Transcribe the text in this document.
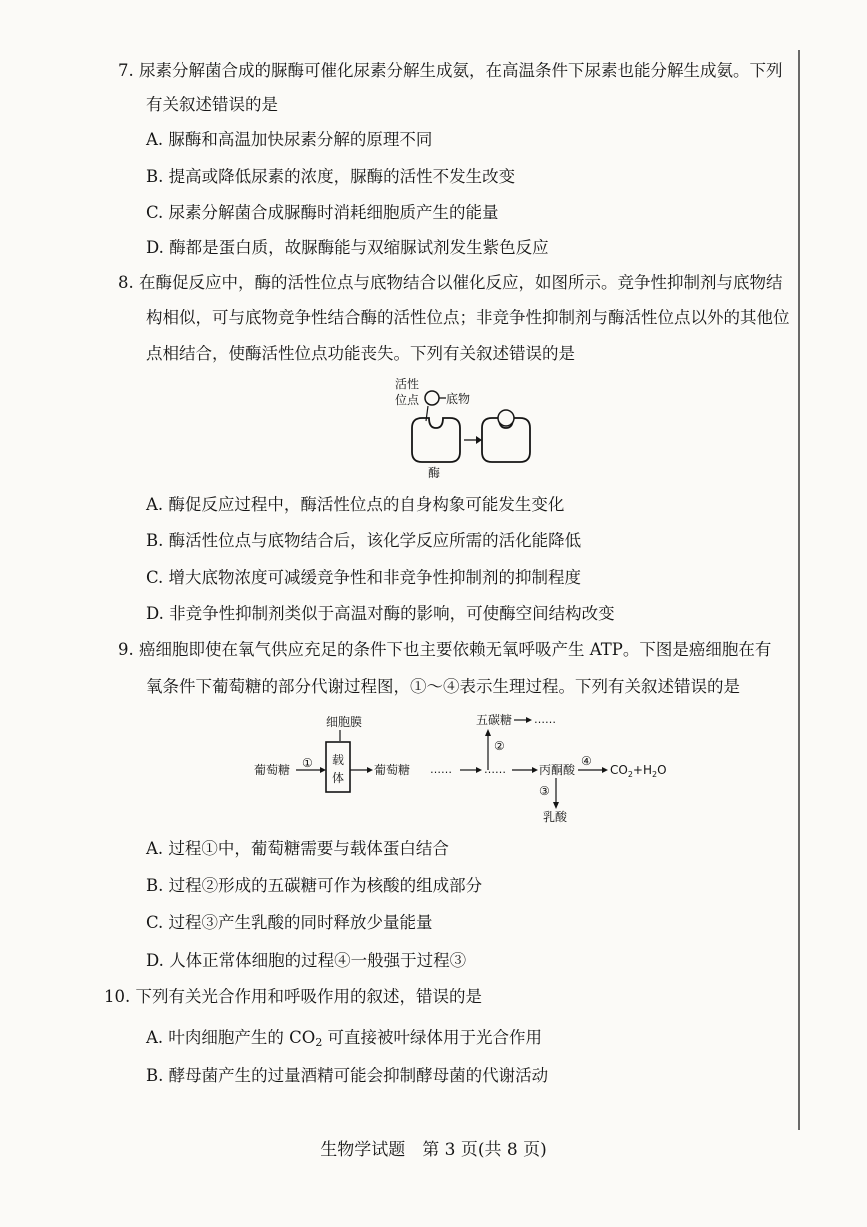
7. 尿素分解菌合成的脲酶可催化尿素分解生成氨，在高温条件下尿素也能分解生成氨。下列
有关叙述错误的是
A. 脲酶和高温加快尿素分解的原理不同
B. 提高或降低尿素的浓度，脲酶的活性不发生改变
C. 尿素分解菌合成脲酶时消耗细胞质产生的能量
D. 酶都是蛋白质，故脲酶能与双缩脲试剂发生紫色反应
8. 在酶促反应中，酶的活性位点与底物结合以催化反应，如图所示。竞争性抑制剂与底物结
构相似，可与底物竞争性结合酶的活性位点；非竞争性抑制剂与酶活性位点以外的其他位
点相结合，使酶活性位点功能丧失。下列有关叙述错误的是
活性
位点 底物
酶
A. 酶促反应过程中，酶活性位点的自身构象可能发生变化
B. 酶活性位点与底物结合后，该化学反应所需的活化能降低
C. 增大底物浓度可减缓竞争性和非竞争性抑制剂的抑制程度
D. 非竞争性抑制剂类似于高温对酶的影响，可使酶空间结构改变
9. 癌细胞即使在氧气供应充足的条件下也主要依赖无氧呼吸产生 ATP。下图是癌细胞在有
氧条件下葡萄糖的部分代谢过程图，①～④表示生理过程。下列有关叙述错误的是
细胞膜
载
体
葡萄糖 ①	葡萄糖 ……	……
②
五碳糖 ……
丙酮酸
④
$CO_2+H_2O$
③
乳酸
A. 过程①中，葡萄糖需要与载体蛋白结合
B. 过程②形成的五碳糖可作为核酸的组成部分
C. 过程③产生乳酸的同时释放少量能量
D. 人体正常体细胞的过程④一般强于过程③
10. 下列有关光合作用和呼吸作用的叙述，错误的是
A. 叶肉细胞产生的 $CO_2$ 可直接被叶绿体用于光合作用
B. 酵母菌产生的过量酒精可能会抑制酵母菌的代谢活动
生物学试题　第 3 页(共 8 页)
